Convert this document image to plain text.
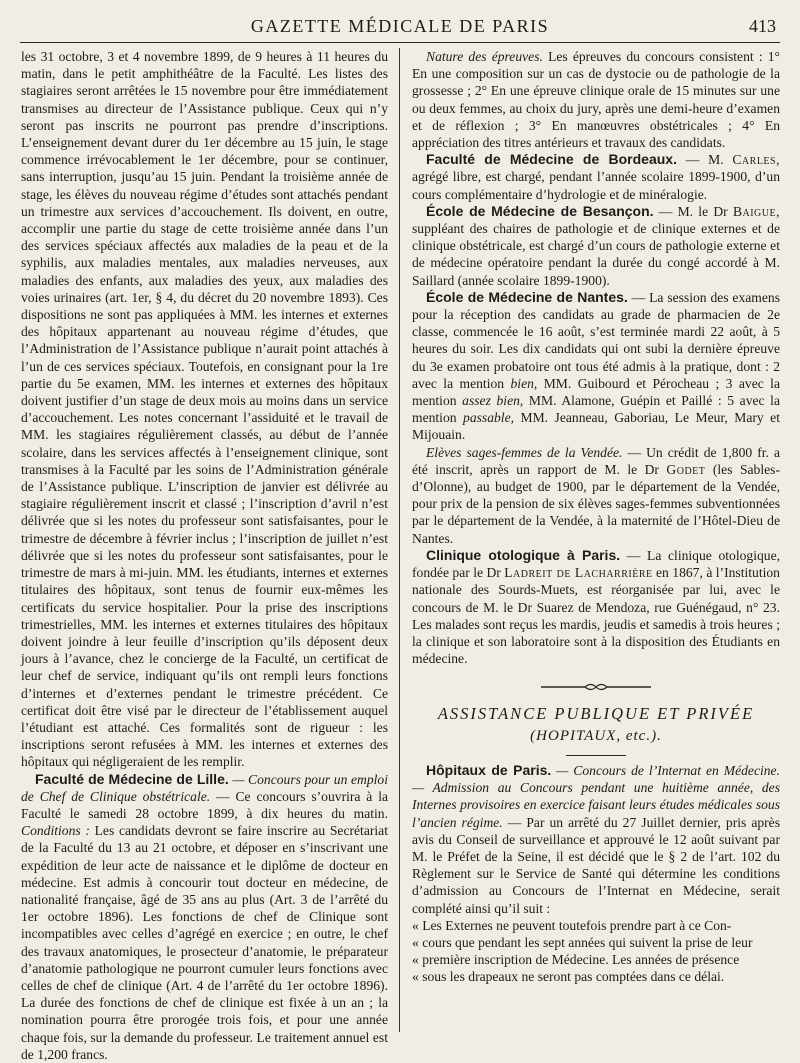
GAZETTE MÉDICALE DE PARIS	413

les 31 octobre, 3 et 4 novembre 1899, de 9 heures à 11 heures du matin, dans le petit amphithéâtre de la Faculté. Les listes des stagiaires seront arrêtées le 15 novembre pour être immédiatement transmises au directeur de l’Assistance publique. Ceux qui n’y seront pas inscrits ne pourront pas prendre d’inscriptions. L’enseignement devant durer du 1er décembre au 15 juin, le stage commence irrévocablement le 1er décembre, pour se continuer, sans interruption, jusqu’au 15 juin. Pendant la troisième année de stage, les élèves du nouveau régime d’études sont attachés pendant un trimestre aux services d’accouchement. Ils doivent, en outre, accomplir une partie du stage de cette troisième année dans l’un des services spéciaux affectés aux maladies de la peau et de la syphilis, aux maladies mentales, aux maladies nerveuses, aux maladies des enfants, aux maladies des yeux, aux maladies des voies urinaires (art. 1er, § 4, du décret du 20 novembre 1893). Ces dispositions ne sont pas appliquées à MM. les internes et externes des hôpitaux appartenant au nouveau régime d’études, que l’Administration de l’Assistance publique n’aurait point attachés à l’un de ces services spéciaux. Toutefois, en consignant pour la 1re partie du 5e examen, MM. les internes et externes des hôpitaux doivent justifier d’un stage de deux mois au moins dans un service d’accouchement. Les notes concernant l’assiduité et le travail de MM. les stagiaires régulièrement classés, au début de l’année scolaire, dans les services affectés à l’enseignement clinique, sont transmises à la Faculté par les soins de l’Administration générale de l’Assistance publique. L’inscription de janvier est délivrée au stagiaire régulièrement inscrit et classé ; l’inscription d’avril n’est délivrée que si les notes du professeur sont satisfaisantes, pour le trimestre de décembre à février inclus ; l’inscription de juillet n’est délivrée que si les notes du professeur sont satisfaisantes, pour le trimestre de mars à mi-juin. MM. les étudiants, internes et externes titulaires des hôpitaux, sont tenus de fournir eux-mêmes les certificats du service hospitalier. Pour la prise des inscriptions trimestrielles, MM. les internes et externes titulaires des hôpitaux doivent joindre à leur feuille d’inscription qu’ils déposent deux jours à l’avance, chez le concierge de la Faculté, un certificat de leur chef de service, indiquant qu’ils ont rempli leurs fonctions d’internes et d’externes pendant le trimestre précédent. Ce certificat doit être visé par le directeur de l’établissement auquel l’étudiant est attaché. Ces formalités sont de rigueur : les inscriptions seront refusées à MM. les internes et externes des hôpitaux qui négligeraient de les remplir.

Faculté de Médecine de Lille. — Concours pour un emploi de Chef de Clinique obstétricale. — Ce concours s’ouvrira à la Faculté le samedi 28 octobre 1899, à dix heures du matin. Conditions : Les candidats devront se faire inscrire au Secrétariat de la Faculté du 13 au 21 octobre, et déposer en s’inscrivant une expédition de leur acte de naissance et le diplôme de docteur en médecine. Est admis à concourir tout docteur en médecine, de nationalité française, âgé de 35 ans au plus (Art. 3 de l’arrêté du 1er octobre 1896). Les fonctions de chef de Clinique sont incompatibles avec celles d’agrégé en exercice ; en outre, le chef des travaux anatomiques, le prosecteur d’anatomie, le préparateur d’anatomie pathologique ne pourront cumuler leurs fonctions avec celles de chef de clinique (Art. 4 de l’arrêté du 1er octobre 1896). La durée des fonctions de chef de clinique est fixée à un an ; la nomination pourra être prorogée trois fois, et pour une année chaque fois, sur la demande du professeur. Le traitement annuel est de 1,200 francs.

Nature des épreuves. Les épreuves du concours consistent : 1° En une composition sur un cas de dystocie ou de pathologie de la grossesse ; 2° En une épreuve clinique orale de 15 minutes sur une ou deux femmes, au choix du jury, après une demi-heure d’examen et de réflexion ; 3° En manœuvres obstétricales ; 4° En appréciation des titres antérieurs et travaux des candidats.

Faculté de Médecine de Bordeaux. — M. Carles, agrégé libre, est chargé, pendant l’année scolaire 1899-1900, d’un cours complémentaire d’hydrologie et de minéralogie.

École de Médecine de Besançon. — M. le Dr Baigue, suppléant des chaires de pathologie et de clinique externes et de clinique obstétricale, est chargé d’un cours de pathologie externe et de médecine opératoire pendant la durée du congé accordé à M. Saillard (année scolaire 1899-1900).

École de Médecine de Nantes. — La session des examens pour la réception des candidats au grade de pharmacien de 2e classe, commencée le 16 août, s’est terminée mardi 22 août, à 5 heures du soir. Les dix candidats qui ont subi la dernière épreuve du 3e examen probatoire ont tous été admis à la pratique, dont : 2 avec la mention bien, MM. Guibourd et Pérocheau ; 3 avec la mention assez bien, MM. Alamone, Guépin et Paillé : 5 avec la mention passable, MM. Jeanneau, Gaboriau, Le Meur, Mary et Mijouain.

Elèves sages-femmes de la Vendée. — Un crédit de 1,800 fr. a été inscrit, après un rapport de M. le Dr Godet (les Sables-d’Olonne), au budget de 1900, par le département de la Vendée, pour prix de la pension de six élèves sages-femmes subventionnées par le département de la Vendée, à la maternité de l’Hôtel-Dieu de Nantes.

Clinique otologique à Paris. — La clinique otologique, fondée par le Dr Ladreit de Lacharrière en 1867, à l’Institution nationale des Sourds-Muets, est réorganisée par lui, avec le concours de M. le Dr Suarez de Mendoza, rue Guénégaud, n° 23. Les malades sont reçus les mardis, jeudis et samedis à trois heures ; la clinique et son laboratoire sont à la disposition des Étudiants en médecine.

ASSISTANCE PUBLIQUE ET PRIVÉE
(HOPITAUX, etc.).

Hôpitaux de Paris. — Concours de l’Internat en Médecine. — Admission au Concours pendant une huitième année, des Internes provisoires en exercice faisant leurs études médicales sous l’ancien régime. — Par un arrêté du 27 Juillet dernier, pris après avis du Conseil de surveillance et approuvé le 12 août suivant par M. le Préfet de la Seine, il est décidé que le § 2 de l’art. 102 du Règlement sur le Service de Santé qui détermine les conditions d’admission au Concours de l’Internat en Médecine, serait complété ainsi qu’il suit :

« Les Externes ne peuvent toutefois prendre part à ce Con-
« cours que pendant les sept années qui suivent la prise de leur
« première inscription de Médecine. Les années de présence
« sous les drapeaux ne seront pas comptées dans ce délai.
